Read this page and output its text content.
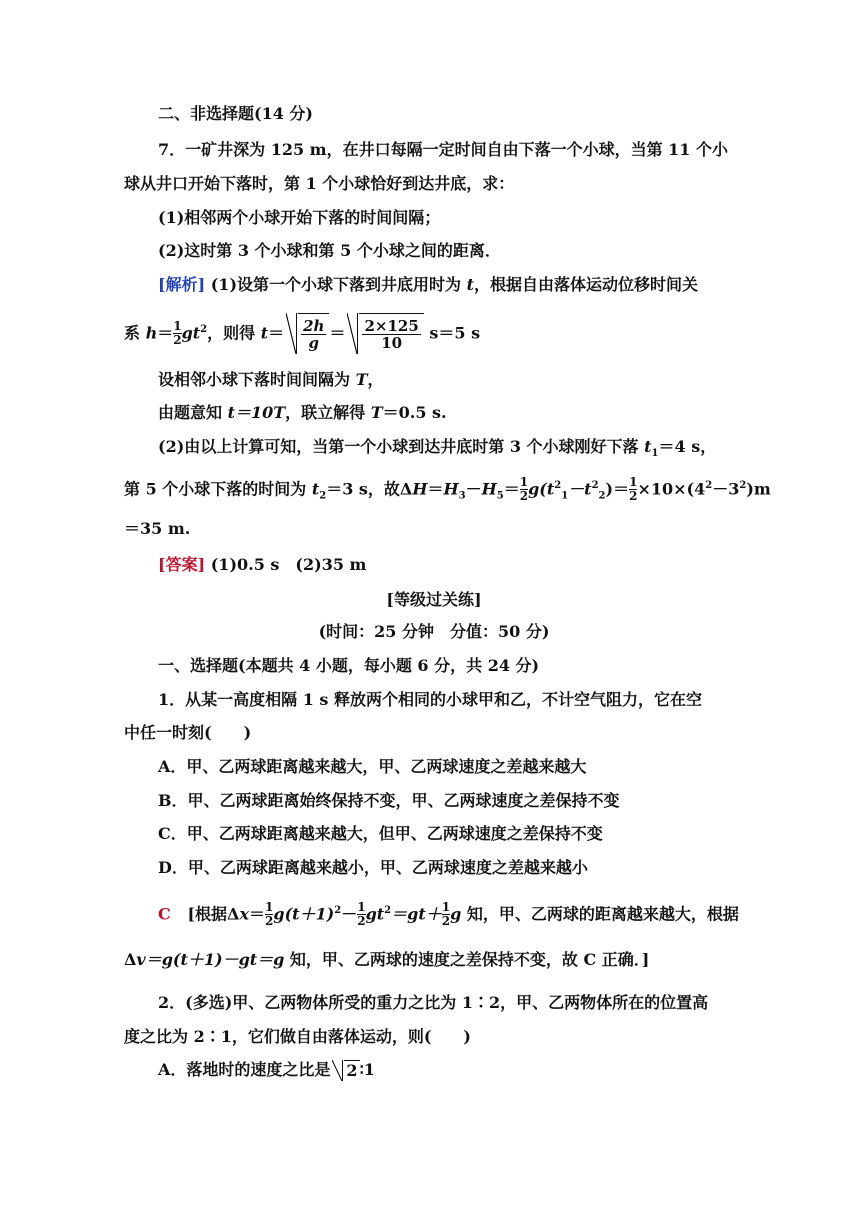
二、非选择题(14 分)
7．一矿井深为 125 m，在井口每隔一定时间自由下落一个小球，当第 11 个小
球从井口开始下落时，第 1 个小球恰好到达井底，求：
(1)相邻两个小球开始下落的时间间隔；
(2)这时第 3 个小球和第 5 个小球之间的距离．
[解析] (1)设第一个小球下落到井底用时为 t，根据自由落体运动位移时间关
系 $h= \frac{1}{2} gt^2$，则得 $t= \frac{2h}{g} = \frac{2\times 125}{10} s=5$ s
设相邻小球下落时间间隔为 T，
由题意知 t＝10T，联立解得 T＝0.5 s.
(2)由以上计算可知，当第一个小球到达井底时第 3 个小球刚好下落 $t_1=4$ s，
第 5 个小球下落的时间为 $t_2=3$ s，故$\Delta H=H_3-H_5= \frac{1}{2} g(t^2_1-t^2_2)= \frac{1}{2} \times 10\times(4^2-3^2)m$
＝35 m.
[答案] (1)0.5 s　(2)35 m
[等级过关练]
(时间：25 分钟　分值：50 分)
一、选择题(本题共 4 小题，每小题 6 分，共 24 分)
1．从某一高度相隔 1 s 释放两个相同的小球甲和乙，不计空气阻力，它在空
中任一时刻(　　)
A．甲、乙两球距离越来越大，甲、乙两球速度之差越来越大
B．甲、乙两球距离始终保持不变，甲、乙两球速度之差保持不变
C．甲、乙两球距离越来越大，但甲、乙两球速度之差保持不变
D．甲、乙两球距离越来越小，甲、乙两球速度之差越来越小
C [根据$\Delta x= \frac{1}{2} g(t+1)^2- \frac{1}{2} gt^2=gt+ \frac{1}{2}$ g 知，甲、乙两球的距离越来越大，根据
Δv＝g(t＋1)－gt＝g 知，甲、乙两球的速度之差保持不变，故 C 正确．]
2．(多选)甲、乙两物体所受的重力之比为 1∶2，甲、乙两物体所在的位置高
度之比为 2∶1，它们做自由落体运动，则(　　)
A．落地时的速度之比是 2 ∶1
